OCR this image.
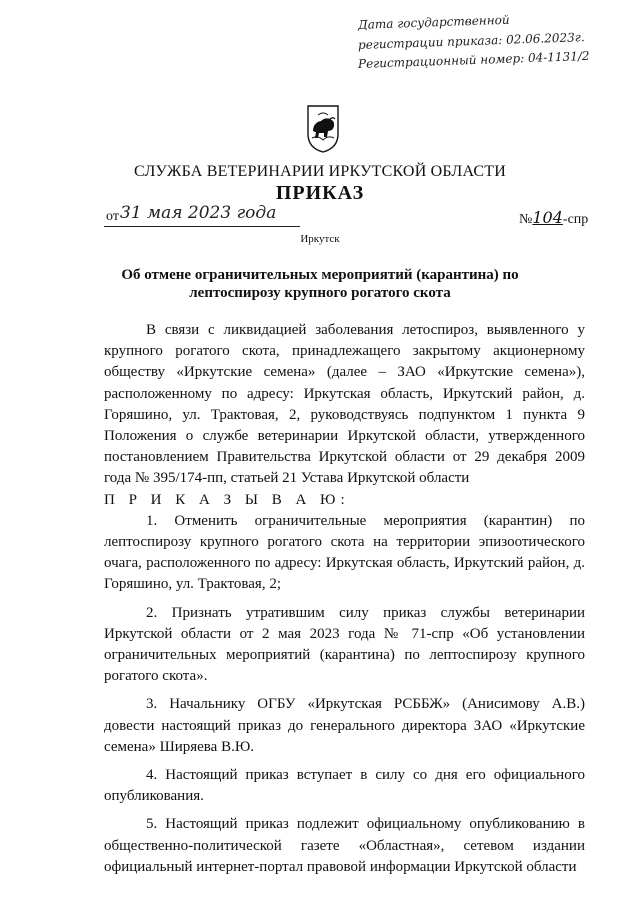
Дата государственной
регистрации приказа: 02.06.2023г.
Регистрационный номер: 04-1131/2
СЛУЖБА ВЕТЕРИНАРИИ ИРКУТСКОЙ ОБЛАСТИ
ПРИКАЗ
от 31 мая 2023 года	№104-спр
Иркутск
Об отмене ограничительных мероприятий (карантина) по лептоспирозу крупного рогатого скота

В связи с ликвидацией заболевания летоспироз, выявленного у крупного рогатого скота, принадлежащего закрытому акционерному обществу «Иркутские семена» (далее – ЗАО «Иркутские семена»), расположенному по адресу: Иркутская область, Иркутский район, д. Горяшино, ул. Трактовая, 2, руководствуясь подпунктом 1 пункта 9 Положения о службе ветеринарии Иркутской области, утвержденного постановлением Правительства Иркутской области от 29 декабря 2009 года № 395/174-пп, статьей 21 Устава Иркутской области

П Р И К А З Ы В А Ю:

1. Отменить ограничительные мероприятия (карантин) по лептоспирозу крупного рогатого скота на территории эпизоотического очага, расположенного по адресу: Иркутская область, Иркутский район, д. Горяшино, ул. Трактовая, 2;

2. Признать утратившим силу приказ службы ветеринарии Иркутской области от 2 мая 2023 года № 71-спр «Об установлении ограничительных мероприятий (карантина) по лептоспирозу крупного рогатого скота».

3. Начальнику ОГБУ «Иркутская РСББЖ» (Анисимову А.В.) довести настоящий приказ до генерального директора ЗАО «Иркутские семена» Ширяева В.Ю.

4. Настоящий приказ вступает в силу со дня его официального опубликования.

5. Настоящий приказ подлежит официальному опубликованию в общественно-политической газете «Областная», сетевом издании официальный интернет-портал правовой информации Иркутской области
